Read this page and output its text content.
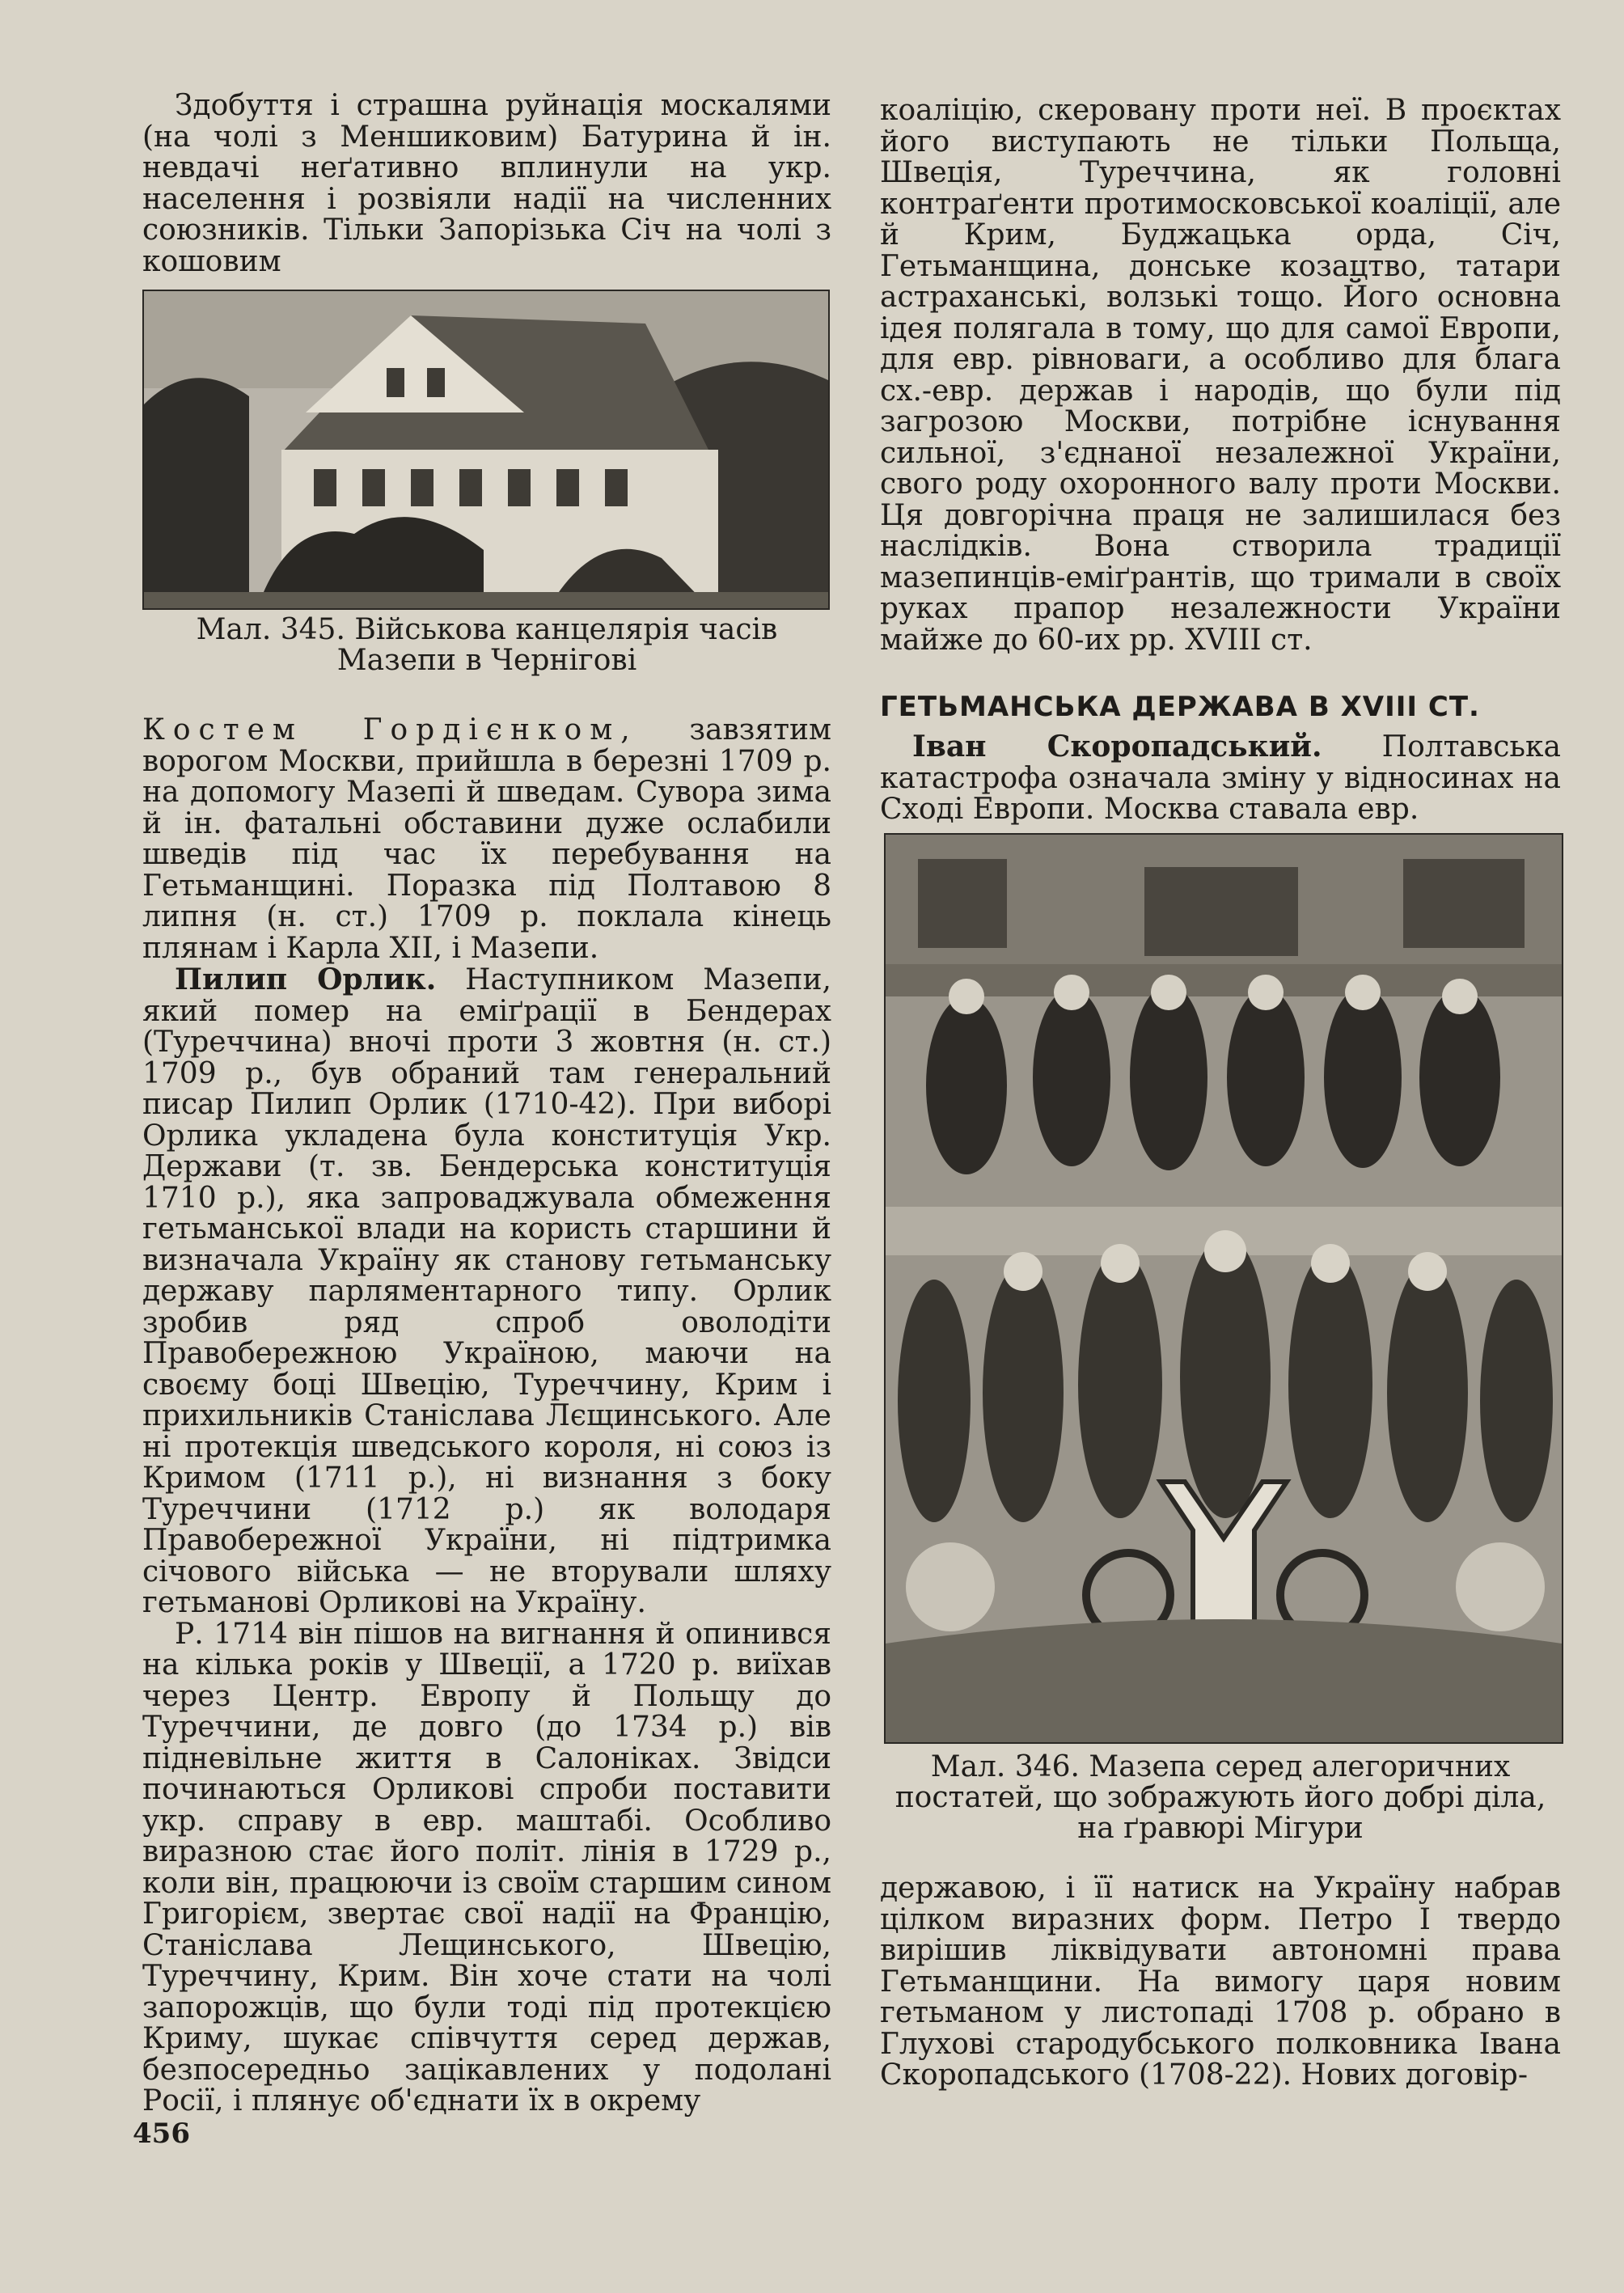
Здобуття і страшна руйнація москалями (на чолі з Меншиковим) Батурина й ін. невдачі неґативно вплинули на укр. населення і розвіяли надії на численних союзників. Тільки Запорізька Січ на чолі з кошовим

Мал. 345. Військова канцелярія часів Мазепи в Чернігові

Костем Гордієнком, завзятим ворогом Москви, прийшла в березні 1709 р. на допомогу Мазепі й шведам. Сувора зима й ін. фатальні обставини дуже ослабили шведів під час їх перебування на Гетьманщині. Поразка під Полтавою 8 липня (н. ст.) 1709 р. поклала кінець плянам і Карла XII, і Мазепи.

Пилип Орлик. Наступником Мазепи, який помер на еміґрації в Бендерах (Туреччина) вночі проти 3 жовтня (н. ст.) 1709 р., був обраний там генеральний писар Пилип Орлик (1710-42). При виборі Орлика укладена була конституція Укр. Держави (т. зв. Бендерська конституція 1710 р.), яка запроваджувала обмеження гетьманської влади на користь старшини й визначала Україну як станову гетьманську державу парляментарного типу. Орлик зробив ряд спроб оволодіти Правобережною Україною, маючи на своєму боці Швецію, Туреччину, Крим і прихильників Станіслава Лєщинського. Але ні протекція шведського короля, ні союз із Кримом (1711 р.), ні визнання з боку Туреччини (1712 р.) як володаря Правобережної України, ні підтримка січового війська — не вторували шляху гетьманові Орликові на Україну.

Р. 1714 він пішов на вигнання й опинився на кілька років у Швеції, а 1720 р. виїхав через Центр. Европу й Польщу до Туреччини, де довго (до 1734 р.) вів підневільне життя в Салоніках. Звідси починаються Орликові спроби поставити укр. справу в евр. маштабі. Особливо виразною стає його політ. лінія в 1729 р., коли він, працюючи із своїм старшим сином Григорієм, звертає свої надії на Францію, Станіслава Лещинського, Швецію, Туреччину, Крим. Він хоче стати на чолі запорожців, що були тоді під протекцією Криму, шукає співчуття серед держав, безпосередньо зацікавлених у подолані Росії, і плянує об'єднати їх в окрему

коаліцію, скеровану проти неї. В проєктах його виступають не тільки Польща, Швеція, Туреччина, як головні контраґенти протимосковської коаліції, але й Крим, Буджацька орда, Січ, Гетьманщина, донське козацтво, татари астраханські, волзькі тощо. Його основна ідея полягала в тому, що для самої Европи, для евр. рівноваги, а особливо для блага сх.-евр. держав і народів, що були під загрозою Москви, потрібне існування сильної, з'єднаної незалежної України, свого роду охоронного валу проти Москви. Ця довгорічна праця не залишилася без наслідків. Вона створила традиції мазепинців-еміґрантів, що тримали в своїх руках прапор незалежности України майже до 60-их рр. XVIII ст.

ГЕТЬМАНСЬКА ДЕРЖАВА В XVIII СТ.

Іван Скоропадський. Полтавська катастрофа означала зміну у відносинах на Сході Европи. Москва ставала евр.

Мал. 346. Мазепа серед алегоричних постатей, що зображують його добрі діла, на ґравюрі Мігури

державою, і її натиск на Україну набрав цілком виразних форм. Петро I твердо вирішив ліквідувати автономні права Гетьманщини. На вимогу царя новим гетьманом у листопаді 1708 р. обрано в Глухові стародубського полковника Івана Скоропадського (1708-22). Нових договір-

456
